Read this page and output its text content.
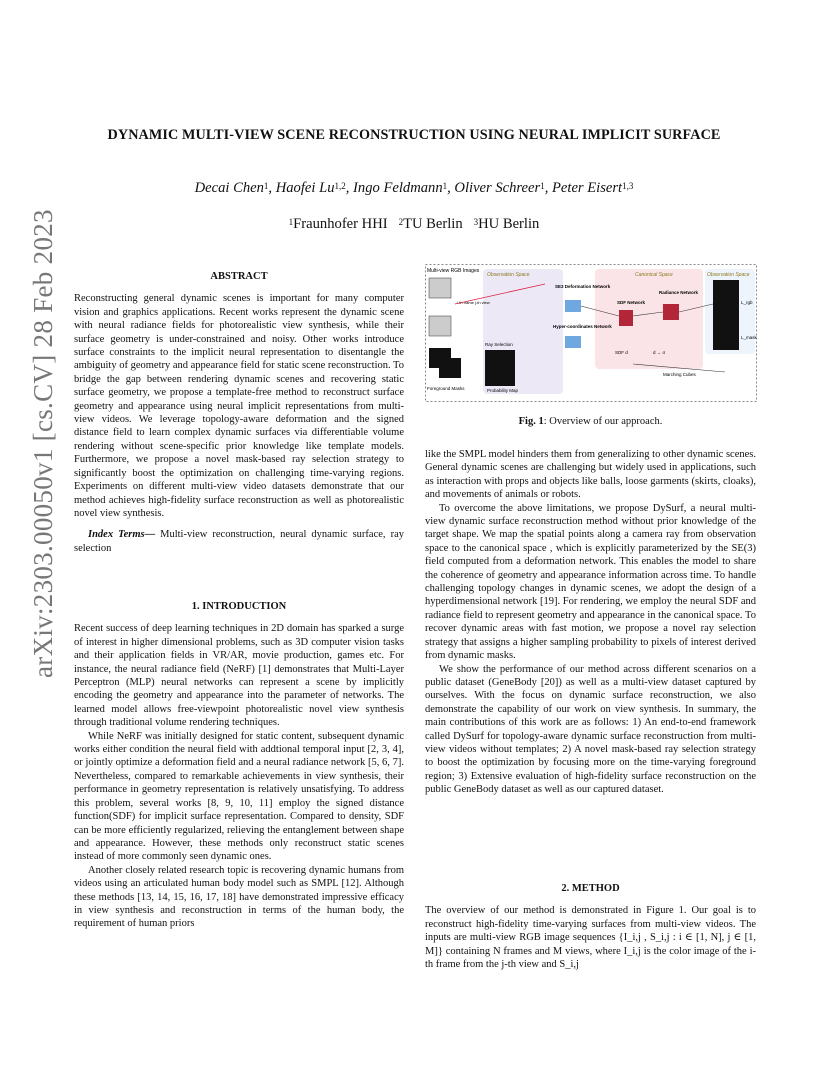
arXiv:2303.00050v1 [cs.CV] 28 Feb 2023
DYNAMIC MULTI-VIEW SCENE RECONSTRUCTION USING NEURAL IMPLICIT SURFACE
Decai Chen$^1$, Haofei Lu$^{1,2}$, Ingo Feldmann$^1$, Oliver Schreer$^1$, Peter Eisert$^{1,3}$
$^1$Fraunhofer HHI $^2$TU Berlin $^3$HU Berlin
ABSTRACT

Reconstructing general dynamic scenes is important for many computer vision and graphics applications. Recent works represent the dynamic scene with neural radiance fields for photorealistic view synthesis, while their surface geometry is under-constrained and noisy. Other works introduce surface constraints to the implicit neural representation to disentangle the ambiguity of geometry and appearance field for static scene reconstruction. To bridge the gap between rendering dynamic scenes and recovering static surface geometry, we propose a template-free method to reconstruct surface geometry and appearance using neural implicit representations from multi-view videos. We leverage topology-aware deformation and the signed distance field to learn complex dynamic surfaces via differentiable volume rendering without scene-specific prior knowledge like template models. Furthermore, we propose a novel mask-based ray selection strategy to significantly boost the optimization on challenging time-varying regions. Experiments on different multi-view video datasets demonstrate that our method achieves high-fidelity surface reconstruction as well as photorealistic novel view synthesis.

Index Terms— Multi-view reconstruction, neural dynamic surface, ray selection

1. INTRODUCTION

Recent success of deep learning techniques in 2D domain has sparked a surge of interest in higher dimensional problems, such as 3D computer vision tasks and their application fields in VR/AR, movie production, games etc. For instance, the neural radiance field (NeRF) [1] demonstrates that Multi-Layer Perceptron (MLP) neural networks can represent a scene by implicitly encoding the geometry and appearance into the parameter of networks. The learned model allows free-viewpoint photorealistic novel view synthesis through traditional volume rendering techniques.

While NeRF was initially designed for static content, subsequent dynamic works either condition the neural field with addtional temporal input [2, 3, 4], or jointly optimize a deformation field and a neural radiance network [5, 6, 7]. Nevertheless, compared to remarkable achievements in view synthesis, their performance in geometry representation is relatively unsatisfying. To address this problem, several works [8, 9, 10, 11] employ the signed distance function(SDF) for implicit surface representation. Compared to density, SDF can be more efficiently regularized, relieving the entanglement between shape and appearance. However, these methods only reconstruct static scenes instead of more commonly seen dynamic ones.

Another closely related research topic is recovering dynamic humans from videos using an articulated human body model such as SMPL [12]. Although these methods [13, 14, 15, 16, 17, 18] have demonstrated impressive efficacy in view synthesis and reconstruction in terms of the human body, the requirement of human priors

Multi-view RGB Images
i-th frame j-th view
Foreground Masks
Observation Space
Ray Selection
Probability Map
SE3 Deformation Network
Hyper-coordinates Network
Canonical Space
SDF Network
Radiance Network
SDF d	d → σ
Marching Cubes
Observation Space
L_rgb
L_mask
Fig. 1: Overview of our approach.

like the SMPL model hinders them from generalizing to other dynamic scenes. General dynamic scenes are challenging but widely used in applications, such as interaction with props and objects like balls, loose garments (skirts, cloaks), and movements of animals or robots.

To overcome the above limitations, we propose DySurf, a neural multi-view dynamic surface reconstruction method without prior knowledge of the target shape. We map the spatial points along a camera ray from observation space to the canonical space , which is explicitly parameterized by the SE(3) field computed from a deformation network. This enables the model to share the coherence of geometry and appearance information across time. To handle challenging topology changes in dynamic scenes, we adopt the design of a hyperdimensional network [19]. For rendering, we employ the neural SDF and radiance field to represent geometry and appearance in the canonical space. To recover dynamic areas with fast motion, we propose a novel ray selection strategy that assigns a higher sampling probability to pixels of interest derived from dynamic masks.

We show the performance of our method across different scenarios on a public dataset (GeneBody [20]) as well as a multi-view dataset captured by ourselves. With the focus on dynamic surface reconstruction, we also demonstrate the capability of our work on view synthesis. In summary, the main contributions of this work are as follows: 1) An end-to-end framework called DySurf for topology-aware dynamic surface reconstruction from multi-view videos without templates; 2) A novel mask-based ray selection strategy to boost the optimization by focusing more on the time-varying foreground region; 3) Extensive evaluation of high-fidelity surface reconstruction on the public GeneBody dataset as well as our captured dataset.

2. METHOD

The overview of our method is demonstrated in Figure 1. Our goal is to reconstruct high-fidelity time-varying surfaces from multi-view videos. The inputs are multi-view RGB image sequences {I_i,j , S_i,j : i ∈ [1, N], j ∈ [1, M]} containing N frames and M views, where I_i,j is the color image of the i-th frame from the j-th view and S_i,j
